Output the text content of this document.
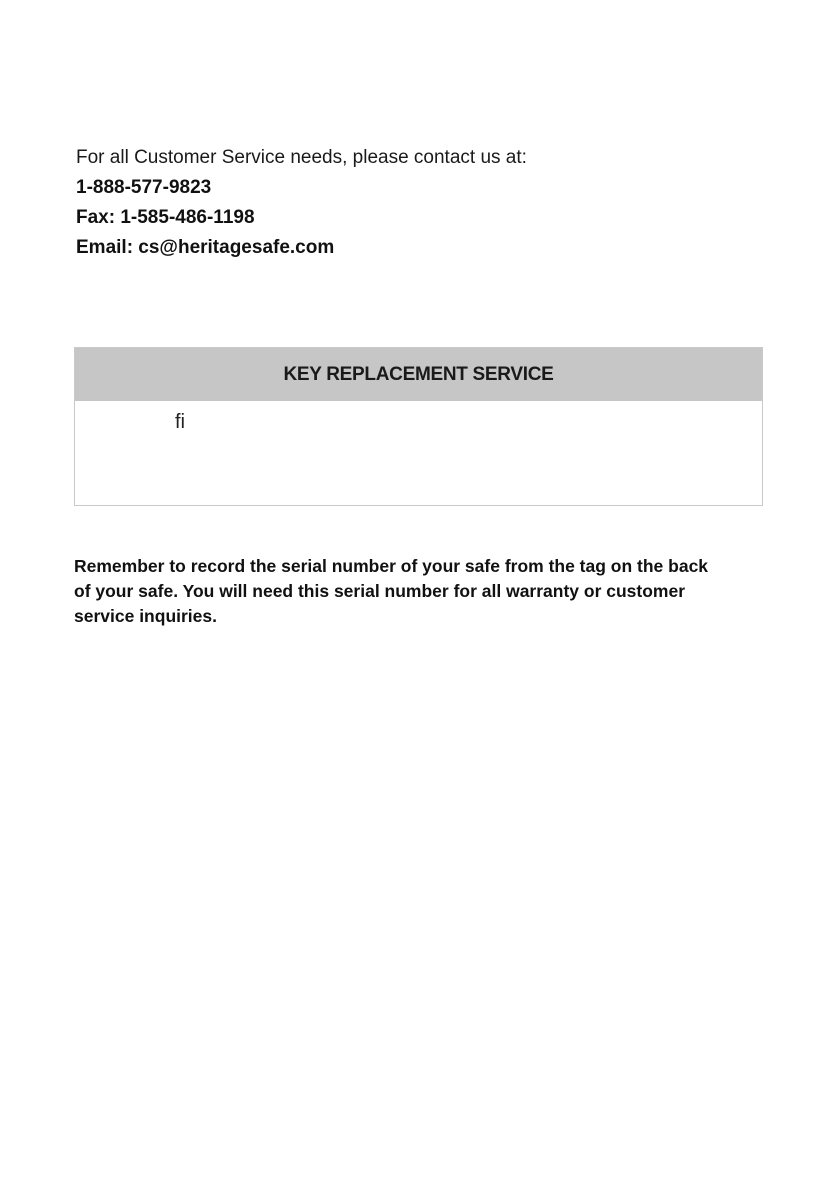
For all Customer Service needs, please contact us at:

1-888-577-9823

Fax: 1-585-486-1198

Email: cs@heritagesafe.com

KEY REPLACEMENT SERVICE
ﬁ
Remember to record the serial number of your safe from the tag on the back
of your safe. You will need this serial number for all warranty or customer
service inquiries.
